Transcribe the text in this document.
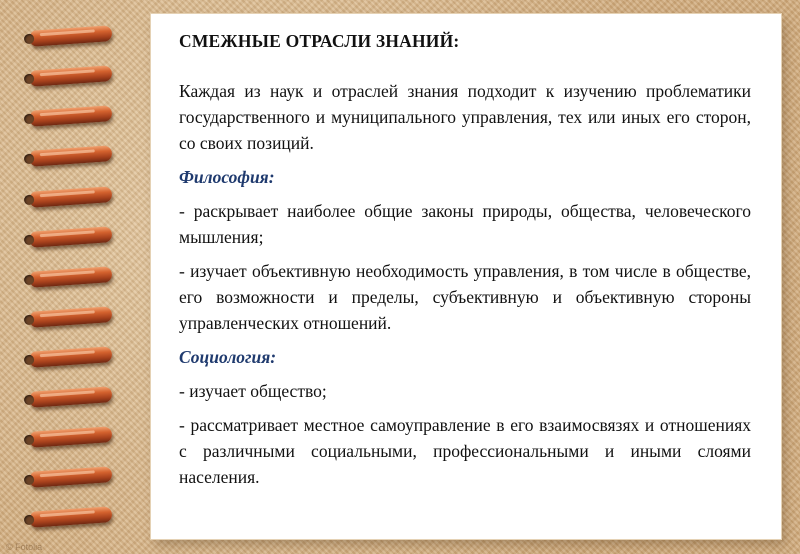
СМЕЖНЫЕ ОТРАСЛИ ЗНАНИЙ:
Каждая из наук и отраслей знания подходит к изучению проблематики государственного и муниципального управления, тех или иных его сторон, со своих позиций.
Философия:
- раскрывает наиболее общие законы природы, общества, человеческого мышления;
- изучает объективную необходимость управления, в том числе в обществе, его возможности и пределы, субъективную и объективную стороны управленческих отношений.
Социология:
- изучает общество;
- рассматривает местное самоуправление в его взаимосвязях и отношениях с различными социальными, профессиональными и иными слоями населения.
© Fotolia
